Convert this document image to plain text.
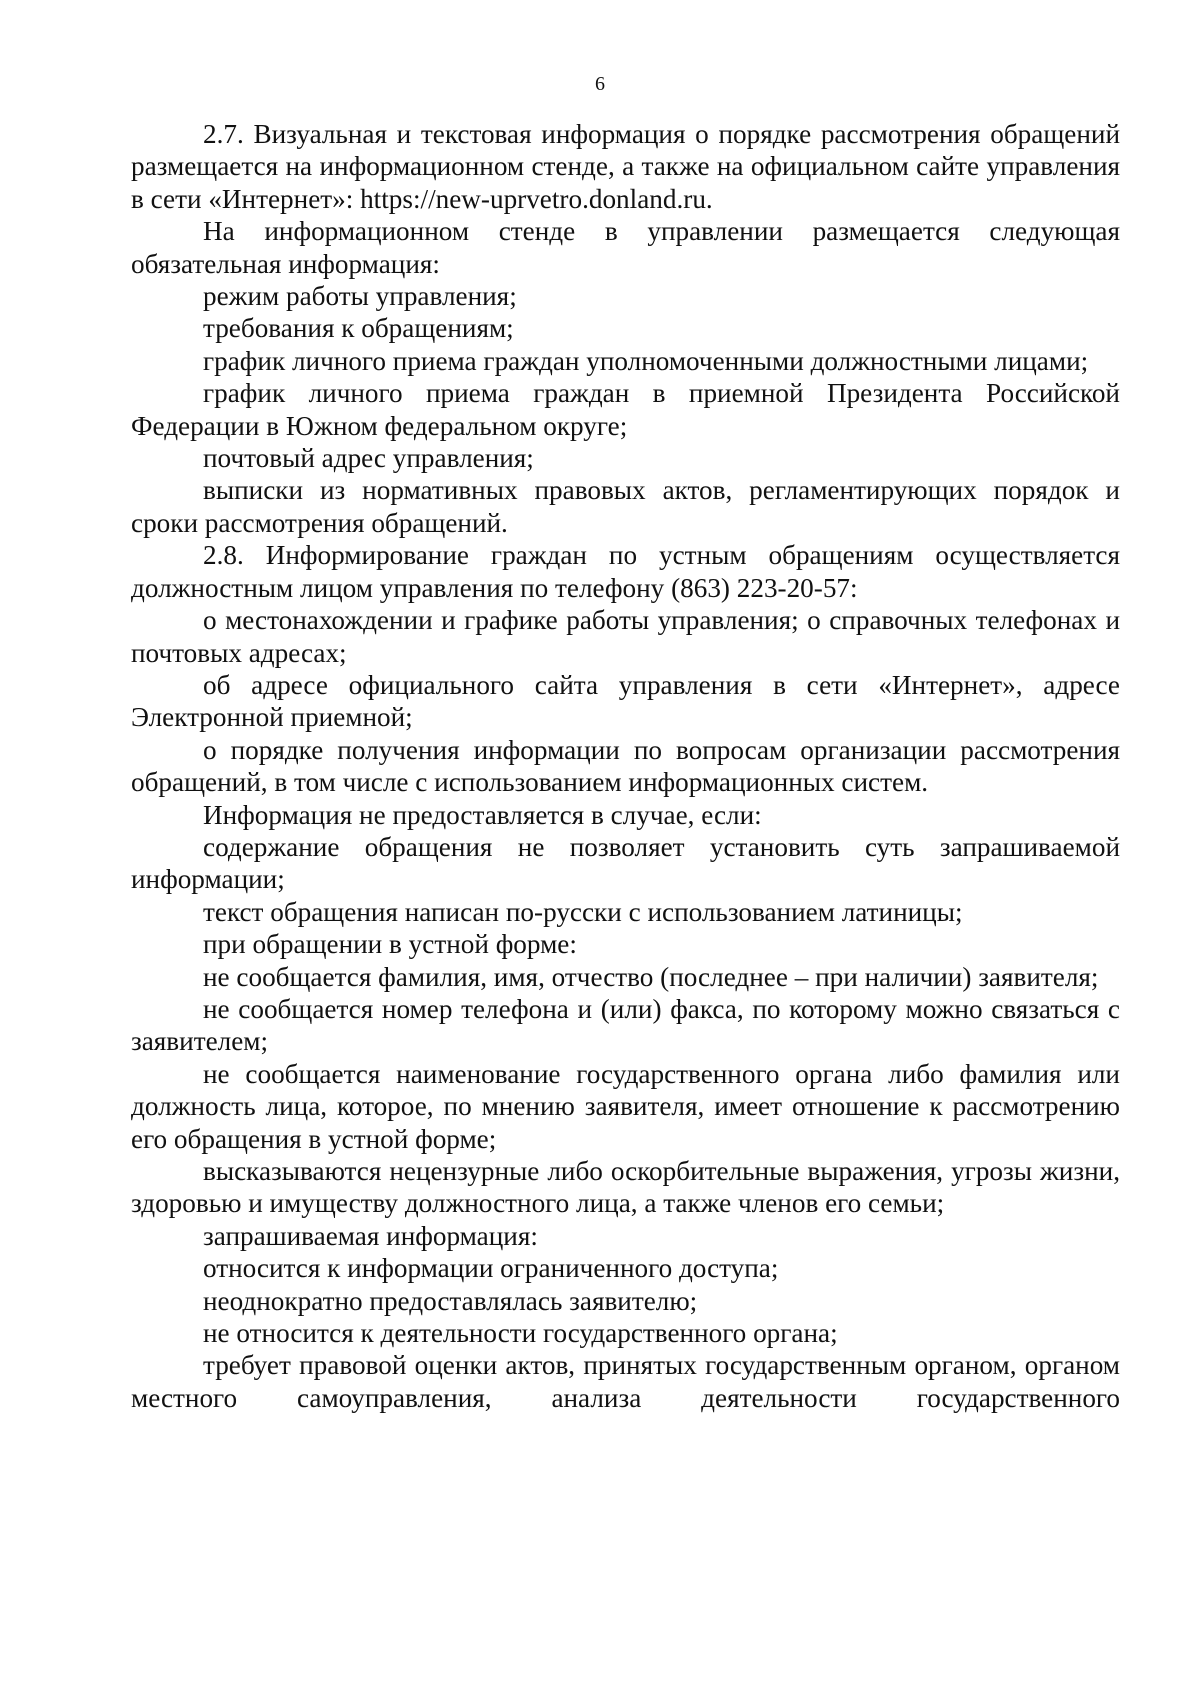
6

2.7. Визуальная и текстовая информация о порядке рассмотрения обращений размещается на информационном стенде, а также на официальном сайте управления в сети «Интернет»: https://new-uprvetro.donland.ru.

На информационном стенде в управлении размещается следующая обязательная информация:

режим работы управления;

требования к обращениям;

график личного приема граждан уполномоченными должностными лицами;

график личного приема граждан в приемной Президента Российской Федерации в Южном федеральном округе;

почтовый адрес управления;

выписки из нормативных правовых актов, регламентирующих порядок и сроки рассмотрения обращений.

2.8. Информирование граждан по устным обращениям осуществляется должностным лицом управления по телефону (863) 223-20-57:

о местонахождении и графике работы управления; о справочных телефонах и почтовых адресах;

об адресе официального сайта управления в сети «Интернет», адресе Электронной приемной;

о порядке получения информации по вопросам организации рассмотрения обращений, в том числе с использованием информационных систем.

Информация не предоставляется в случае, если:

содержание обращения не позволяет установить суть запрашиваемой информации;

текст обращения написан по-русски с использованием латиницы;

при обращении в устной форме:

не сообщается фамилия, имя, отчество (последнее – при наличии) заявителя;

не сообщается номер телефона и (или) факса, по которому можно связаться с заявителем;

не сообщается наименование государственного органа либо фамилия или должность лица, которое, по мнению заявителя, имеет отношение к рассмотрению его обращения в устной форме;

высказываются нецензурные либо оскорбительные выражения, угрозы жизни, здоровью и имуществу должностного лица, а также членов его семьи;

запрашиваемая информация:

относится к информации ограниченного доступа;

неоднократно предоставлялась заявителю;

не относится к деятельности государственного органа;

требует правовой оценки актов, принятых государственным органом, органом местного самоуправления, анализа деятельности государственного
